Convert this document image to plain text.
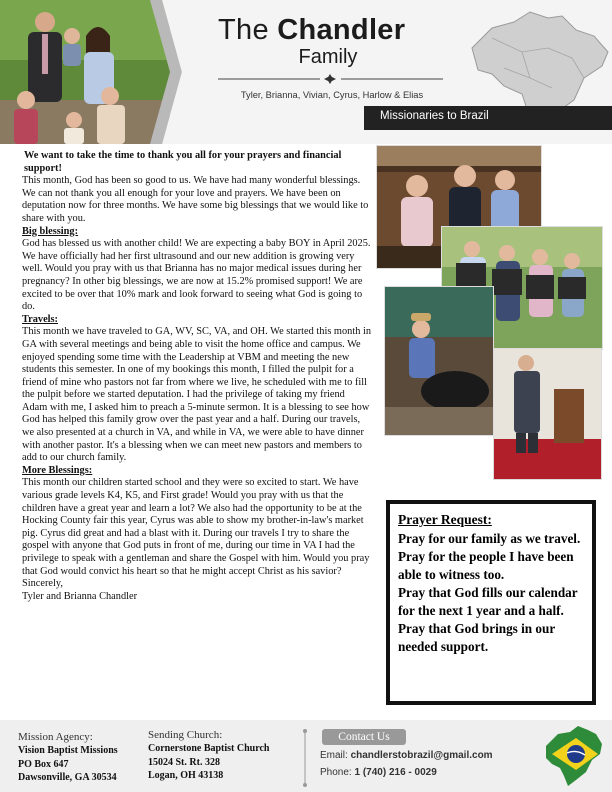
The Chandler
Family
Tyler, Brianna, Vivian, Cyrus, Harlow & Elias
Missionaries to Brazil

We want to take the time to thank you all for your prayers and financial support!

This month, God has been so good to us. We have had many wonderful blessings. We can not thank you all enough for your love and prayers. We have been on deputation now for three months. We have some big blessings that we would like to share with you.

Big blessing:

God has blessed us with another child! We are expecting a baby BOY in April 2025. We have officially had her first ultrasound and our new addition is growing very well. Would you pray with us that Brianna has no major medical issues during her pregnancy? In other big blessings, we are now at 15.2% promised support! We are excited to be over that 10% mark and look forward to seeing what God is going to do.

Travels:

This month we have traveled to GA, WV, SC, VA, and OH. We started this month in GA with several meetings and being able to visit the home office and campus. We enjoyed spending some time with the Leadership at VBM and meeting the new students this semester. In one of my bookings this month, I filled the pulpit for a friend of mine who pastors not far from where we live, he scheduled with me to fill the pulpit before we started deputation. I had the privilege of taking my friend Adam with me, I asked him to preach a 5-minute sermon. It is a blessing to see how God has helped this family grow over the past year and a half. During our travels, we also presented at a church in VA, and while in VA, we were able to have dinner with another pastor. It's a blessing when we can meet new pastors and members to add to our church family.

More Blessings:

This month our children started school and they were so excited to start. We have various grade levels K4, K5, and First grade! Would you pray with us that the children have a great year and learn a lot? We also had the opportunity to be at the Hocking County fair this year, Cyrus was able to show my brother-in-law's market pig. Cyrus did great and had a blast with it. During our travels I try to share the gospel with anyone that God puts in front of me, during our time in VA I had the privilege to speak with a gentleman and share the Gospel with him. Would you pray that God would convict his heart so that he might accept Christ as his savior?

Sincerely,

Tyler and Brianna Chandler

Prayer Request:
Pray for our family as we travel.
Pray for the people I have been able to witness too.
Pray that God fills our calendar for the next 1 year and a half.
Pray that God brings in our needed support.
Mission Agency:
Vision Baptist Missions
PO Box 647
Dawsonville, GA 30534
Sending Church:
Cornerstone Baptist Church
15024 St. Rt. 328
Logan, OH 43138
Contact Us
Email: chandlerstobrazil@gmail.com
Phone: 1 (740) 216 - 0029
